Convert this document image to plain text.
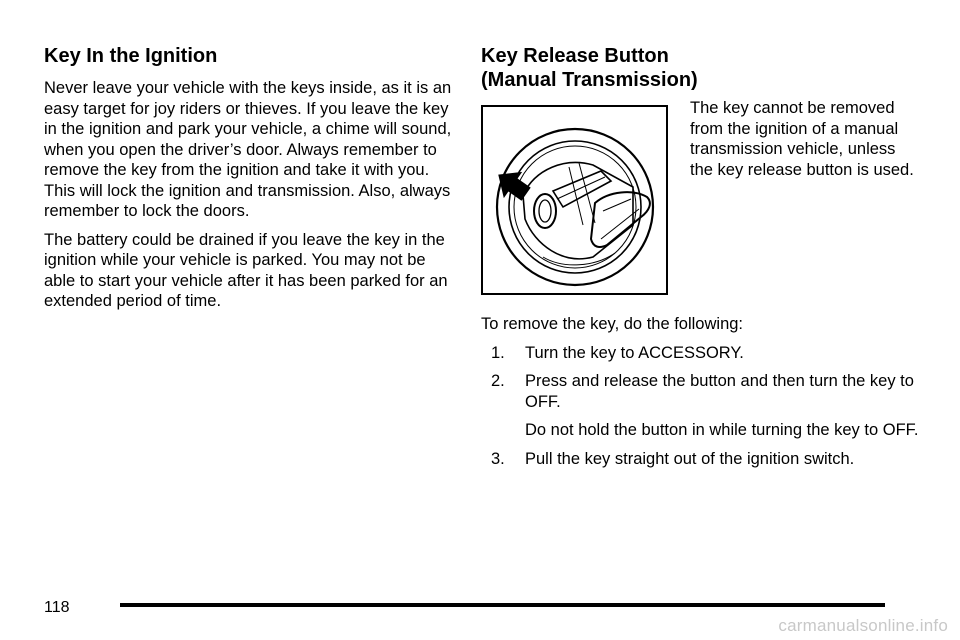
Key In the Ignition

Never leave your vehicle with the keys inside, as it is an easy target for joy riders or thieves. If you leave the key in the ignition and park your vehicle, a chime will sound, when you open the driver’s door. Always remember to remove the key from the ignition and take it with you. This will lock the ignition and transmission. Also, always remember to lock the doors.

The battery could be drained if you leave the key in the ignition while your vehicle is parked. You may not be able to start your vehicle after it has been parked for an extended period of time.

Key Release Button
(Manual Transmission)

The key cannot be removed from the ignition of a manual transmission vehicle, unless the key release button is used.

To remove the key, do the following:

1. Turn the key to ACCESSORY.
2. Press and release the button and then turn the key to OFF.
Do not hold the button in while turning the key to OFF.
3. Pull the key straight out of the ignition switch.
118
carmanualsonline.info
